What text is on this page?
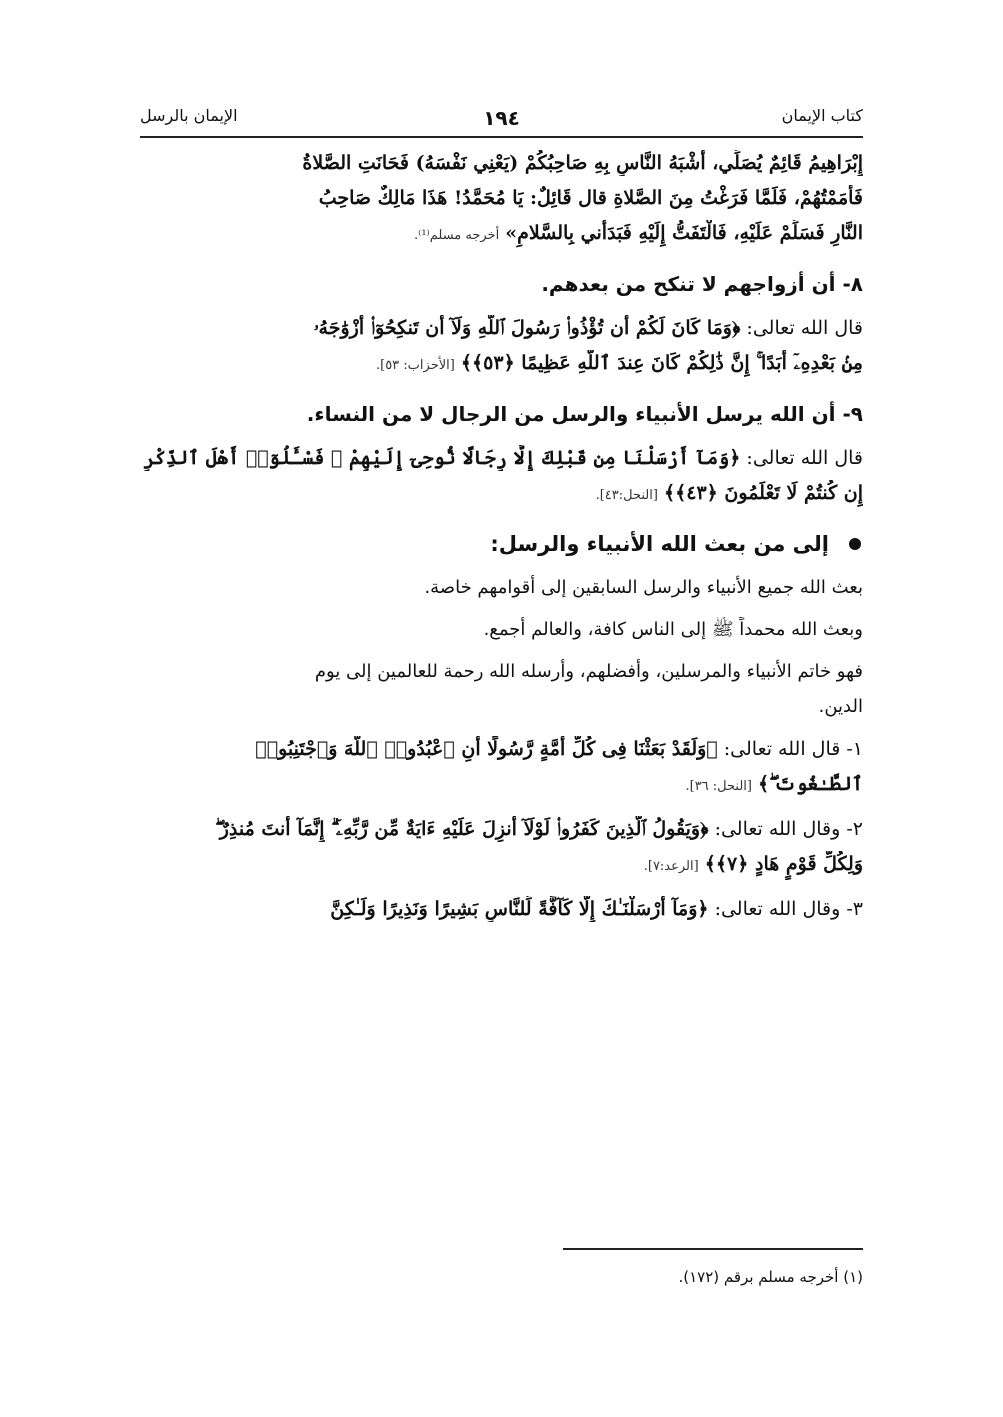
كتاب الإيمان
١٩٤
الإيمان بالرسل

إِبْرَاهِيمُ قَائِمٌ يُصَلِّي، أَشْبَهُ النَّاسِ بِهِ صَاحِبُكُمْ (يَعْنِي نَفْسَهُ) فَحَانَتِ الصَّلاةُ

فَأَمَمْتُهُمْ، فَلَمَّا فَرَغْتُ مِنَ الصَّلاةِ قال قَائِلٌ: يَا مُحَمَّدُ! هَذَا مَالِكٌ صَاحِبُ

النَّارِ فَسَلِّمْ عَلَيْهِ، فَالْتَفَتُّ إِلَيْهِ فَبَدَأَني بِالسَّلامِ» أخرجه مسلم⁽¹⁾.

٨- أن أزواجهم لا تنكح من بعدهم.

قال الله تعالى: ﴿وَمَا كَانَ لَكُمْ أَن تُؤْذُوا۟ رَسُولَ ٱللَّهِ وَلَآ أَن تَنكِحُوٓا۟ أَزْوَٰجَهُۥ

مِنۢ بَعْدِهِۦٓ أَبَدًا ۚ إِنَّ ذَٰلِكُمْ كَانَ عِندَ ٱللَّهِ عَظِيمًا ﴿٥٣﴾﴾ [الأحزاب: ٥٣].

٩- أن الله يرسل الأنبياء والرسل من الرجال لا من النساء.

قال الله تعالى: ﴿وَمَآ أَرْسَلْنَا مِن قَبْلِكَ إِلَّا رِجَالًا نُّوحِىٓ إِلَيْهِمْ ۚ فَسْـَٔلُوٓا۟ أَهْلَ ٱلذِّكْرِ

إِن كُنتُمْ لَا تَعْلَمُونَ ﴿٤٣﴾﴾ [النحل:٤٣].

إلى من بعث الله الأنبياء والرسل:

بعث الله جميع الأنبياء والرسل السابقين إلى أقوامهم خاصة.

وبعث الله محمداً ﷺ إلى الناس كافة، والعالم أجمع.

فهو خاتم الأنبياء والمرسلين، وأفضلهم، وأرسله الله رحمة للعالمين إلى يوم

الدين.

١- قال الله تعالى: ﴿وَلَقَدْ بَعَثْنَا فِى كُلِّ أُمَّةٍ رَّسُولًا أَنِ ٱعْبُدُوا۟ ٱللَّهَ وَٱجْتَنِبُوا۟

ٱلطَّـٰغُوتَ ۖ﴾ [النحل: ٣٦].

٢- وقال الله تعالى: ﴿وَيَقُولُ ٱلَّذِينَ كَفَرُوا۟ لَوْلَآ أُنزِلَ عَلَيْهِ ءَايَةٌ مِّن رَّبِّهِۦٓ ۗ إِنَّمَآ أَنتَ مُنذِرٌ ۖ

وَلِكُلِّ قَوْمٍ هَادٍ ﴿٧﴾﴾ [الرعد:٧].

٣- وقال الله تعالى: ﴿وَمَآ أَرْسَلْنَـٰكَ إِلَّا كَآفَّةً لِّلنَّاسِ بَشِيرًا وَنَذِيرًا وَلَـٰكِنَّ

(١) أخرجه مسلم برقم (١٧٢).
